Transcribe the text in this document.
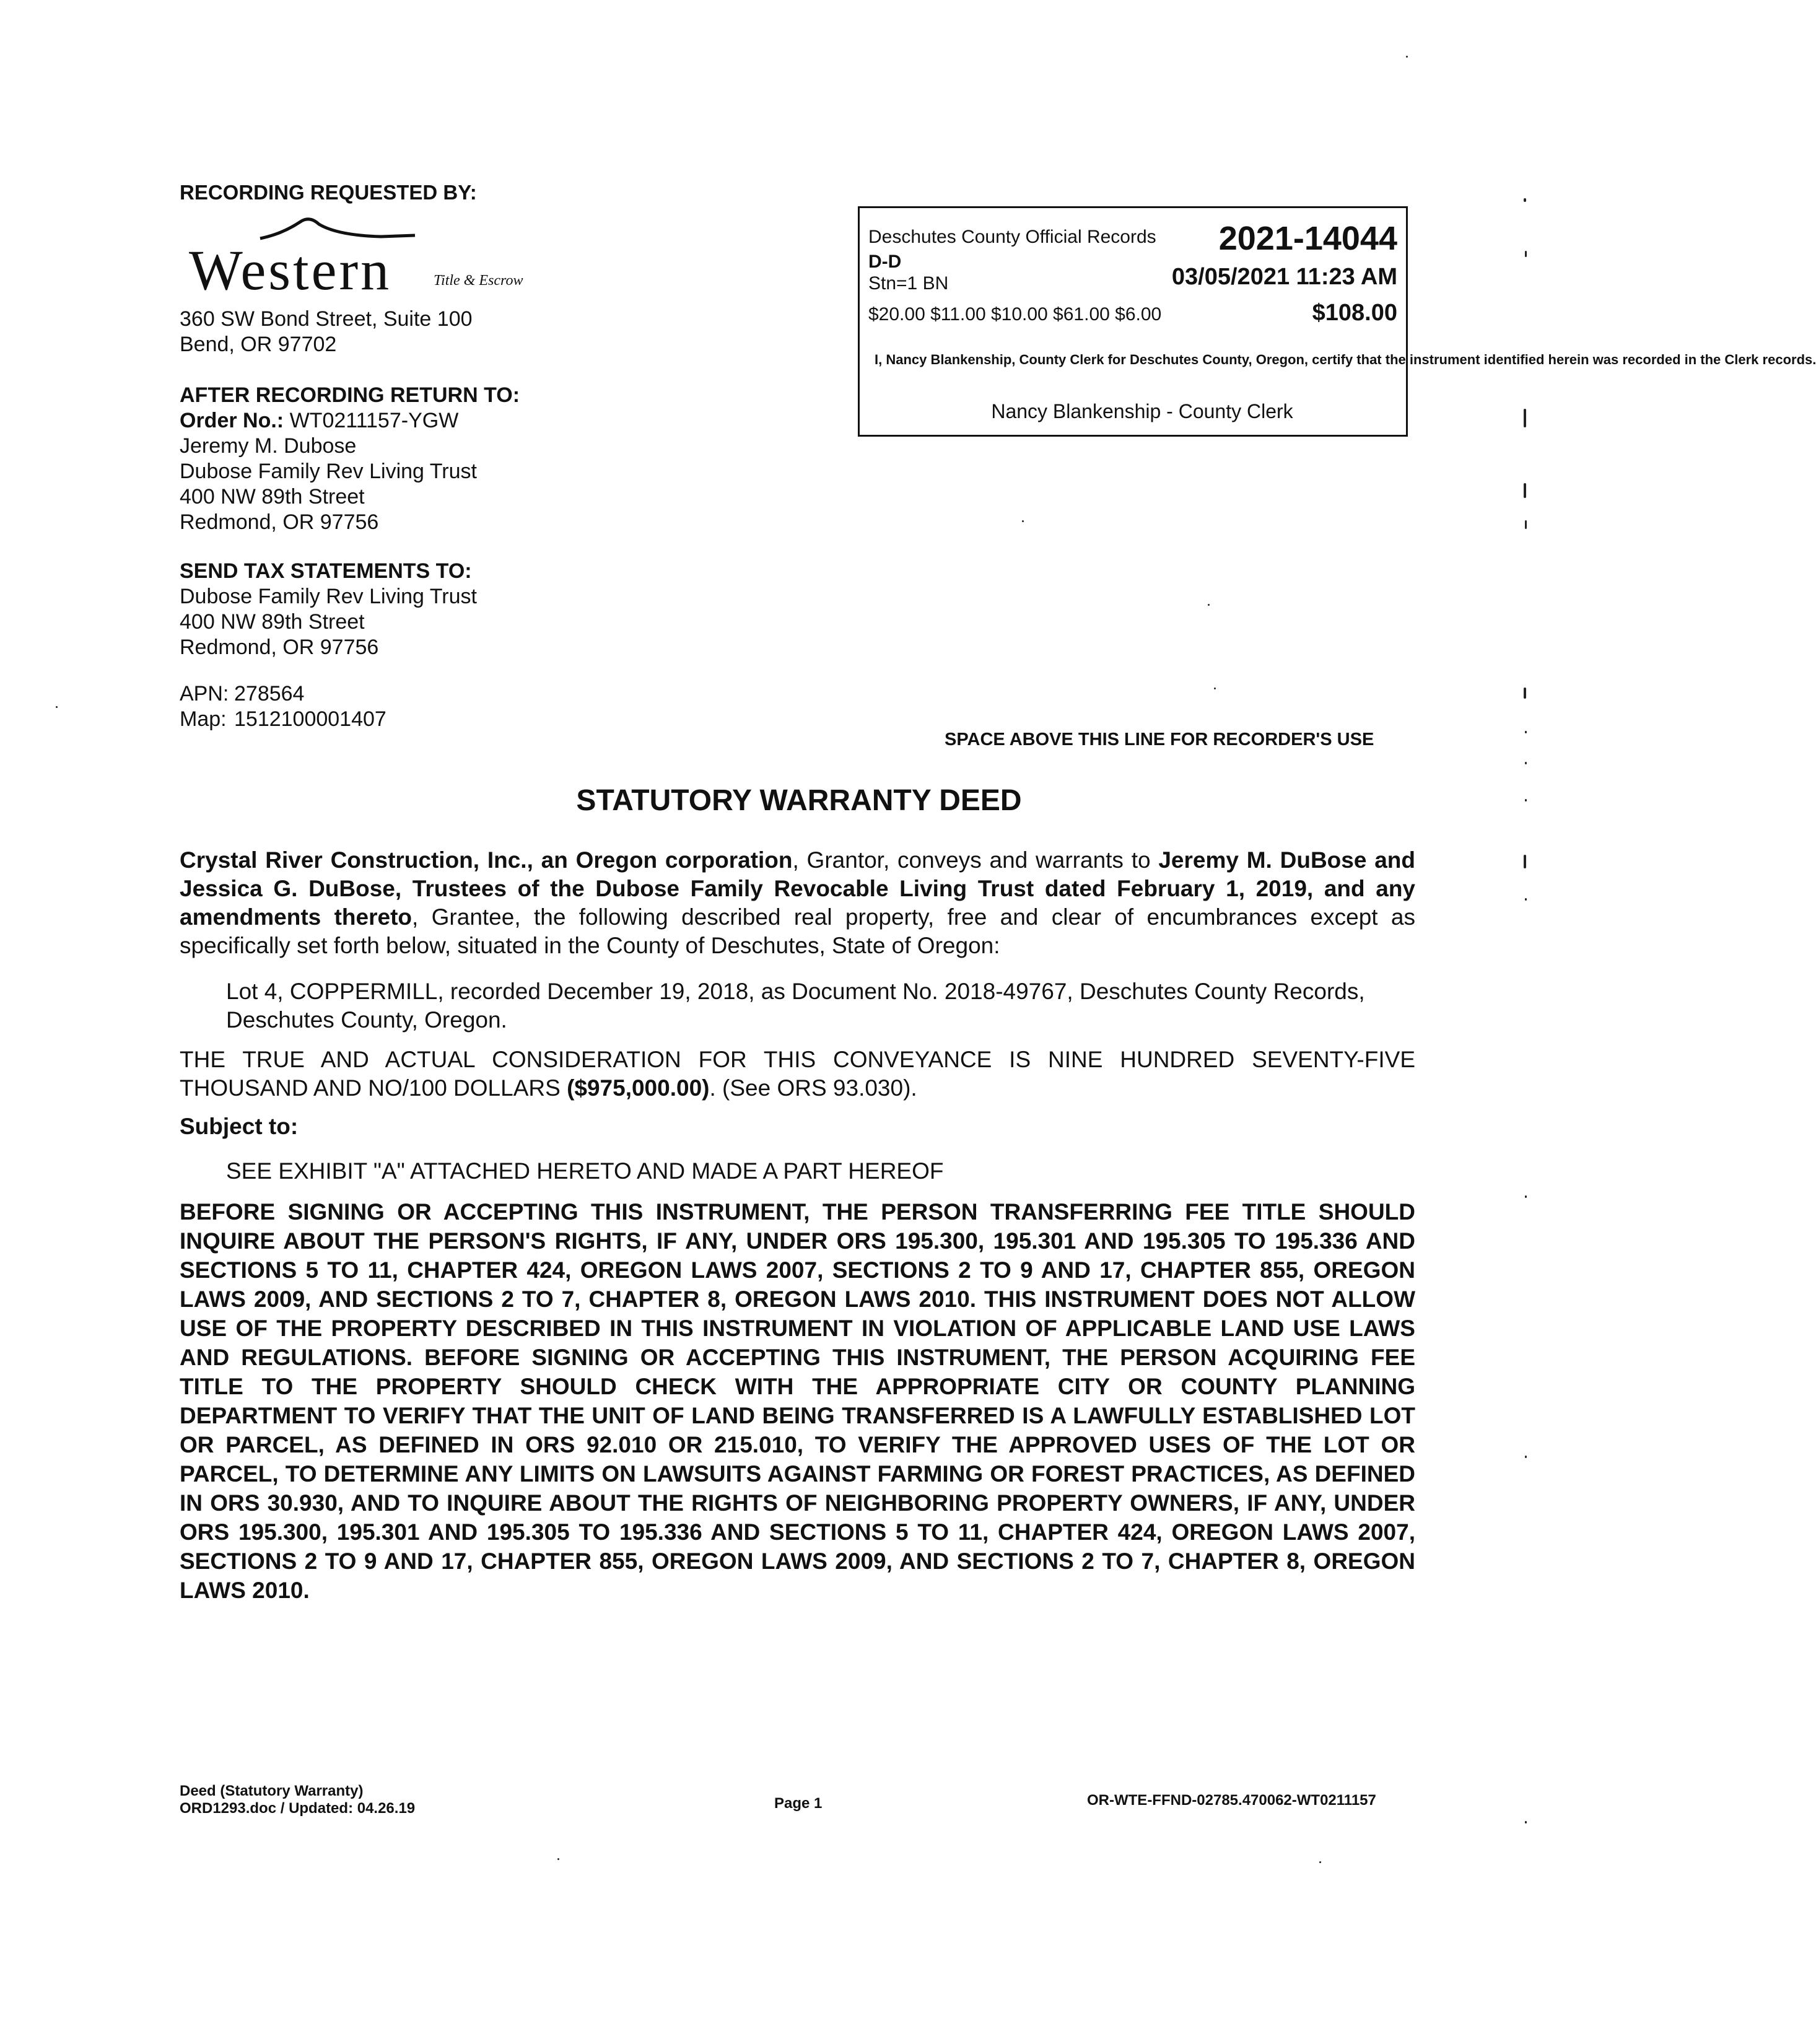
RECORDING REQUESTED BY:
Western	Title & Escrow
360 SW Bond Street, Suite 100
Bend, OR 97702
AFTER RECORDING RETURN TO:
Order No.: WT0211157-YGW
Jeremy M. Dubose
Dubose Family Rev Living Trust
400 NW 89th Street
Redmond, OR 97756
SEND TAX STATEMENTS TO:
Dubose Family Rev Living Trust
400 NW 89th Street
Redmond, OR 97756
APN: 278564
Map: 1512100001407
Deschutes County Official Records 2021-14044
D-D
Stn=1 BN	03/05/2021 11:23 AM
$20.00 $11.00 $10.00 $61.00 $6.00	$108.00
I, Nancy Blankenship, County Clerk for Deschutes County, Oregon, certify that the instrument identified herein was recorded in the Clerk records.
Nancy Blankenship - County Clerk
SPACE ABOVE THIS LINE FOR RECORDER'S USE
STATUTORY WARRANTY DEED
Crystal River Construction, Inc., an Oregon corporation, Grantor, conveys and warrants to Jeremy M. DuBose and Jessica G. DuBose, Trustees of the Dubose Family Revocable Living Trust dated February 1, 2019, and any amendments thereto, Grantee, the following described real property, free and clear of encumbrances except as specifically set forth below, situated in the County of Deschutes, State of Oregon:
Lot 4, COPPERMILL, recorded December 19, 2018, as Document No. 2018-49767, Deschutes County Records, Deschutes County, Oregon.
THE TRUE AND ACTUAL CONSIDERATION FOR THIS CONVEYANCE IS NINE HUNDRED SEVENTY-FIVE THOUSAND AND NO/100 DOLLARS ($975,000.00). (See ORS 93.030).
Subject to:
SEE EXHIBIT "A" ATTACHED HERETO AND MADE A PART HEREOF
BEFORE SIGNING OR ACCEPTING THIS INSTRUMENT, THE PERSON TRANSFERRING FEE TITLE SHOULD INQUIRE ABOUT THE PERSON'S RIGHTS, IF ANY, UNDER ORS 195.300, 195.301 AND 195.305 TO 195.336 AND SECTIONS 5 TO 11, CHAPTER 424, OREGON LAWS 2007, SECTIONS 2 TO 9 AND 17, CHAPTER 855, OREGON LAWS 2009, AND SECTIONS 2 TO 7, CHAPTER 8, OREGON LAWS 2010. THIS INSTRUMENT DOES NOT ALLOW USE OF THE PROPERTY DESCRIBED IN THIS INSTRUMENT IN VIOLATION OF APPLICABLE LAND USE LAWS AND REGULATIONS. BEFORE SIGNING OR ACCEPTING THIS INSTRUMENT, THE PERSON ACQUIRING FEE TITLE TO THE PROPERTY SHOULD CHECK WITH THE APPROPRIATE CITY OR COUNTY PLANNING DEPARTMENT TO VERIFY THAT THE UNIT OF LAND BEING TRANSFERRED IS A LAWFULLY ESTABLISHED LOT OR PARCEL, AS DEFINED IN ORS 92.010 OR 215.010, TO VERIFY THE APPROVED USES OF THE LOT OR PARCEL, TO DETERMINE ANY LIMITS ON LAWSUITS AGAINST FARMING OR FOREST PRACTICES, AS DEFINED IN ORS 30.930, AND TO INQUIRE ABOUT THE RIGHTS OF NEIGHBORING PROPERTY OWNERS, IF ANY, UNDER ORS 195.300, 195.301 AND 195.305 TO 195.336 AND SECTIONS 5 TO 11, CHAPTER 424, OREGON LAWS 2007, SECTIONS 2 TO 9 AND 17, CHAPTER 855, OREGON LAWS 2009, AND SECTIONS 2 TO 7, CHAPTER 8, OREGON LAWS 2010.
Deed (Statutory Warranty)
ORD1293.doc / Updated: 04.26.19	Page 1	OR-WTE-FFND-02785.470062-WT0211157
